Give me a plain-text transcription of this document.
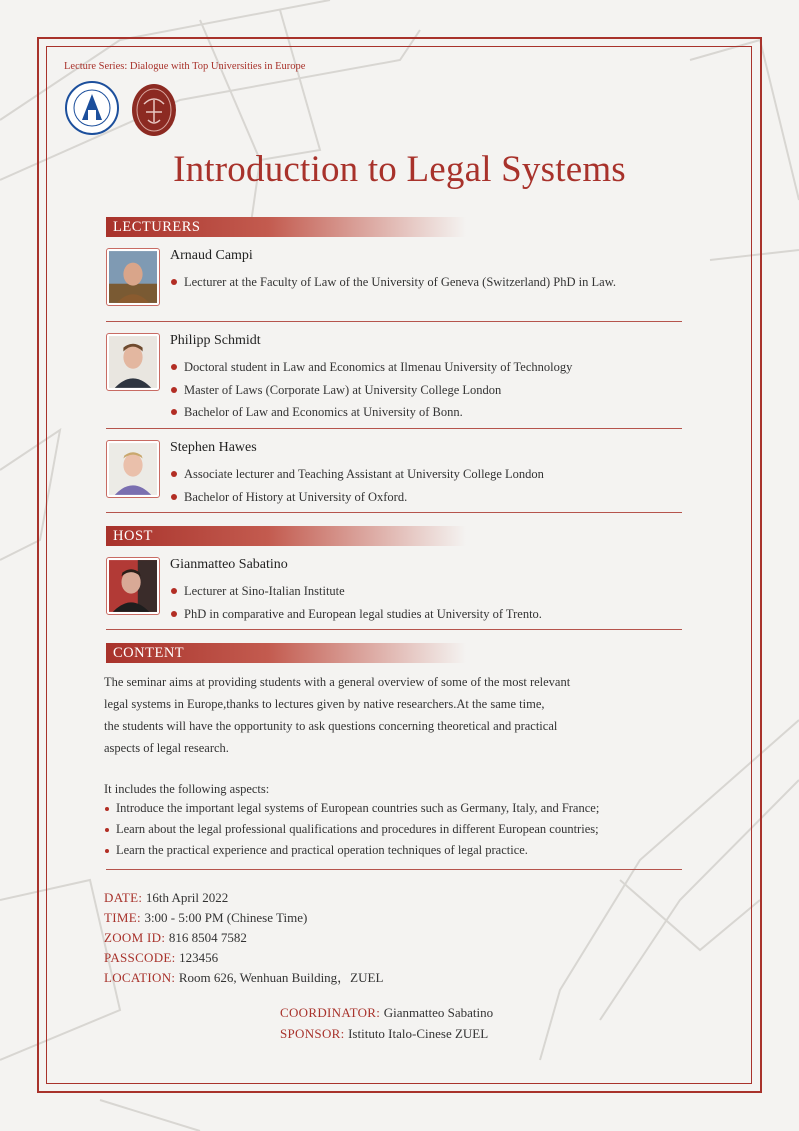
Lecture Series: Dialogue with Top Universities in Europe
Introduction to Legal Systems
LECTURERS
Arnaud Campi
Lecturer at the Faculty of Law of the University of Geneva (Switzerland) PhD in Law.
Philipp Schmidt
Doctoral student in Law and Economics at Ilmenau University of Technology
Master of Laws (Corporate Law) at University College London
Bachelor of Law and Economics at University of Bonn.
Stephen Hawes
Associate lecturer and Teaching Assistant at University College London
Bachelor of History at University of Oxford.
HOST
Gianmatteo Sabatino
Lecturer at Sino-Italian Institute
PhD in comparative and European legal studies at University of Trento.
CONTENT
The seminar aims at providing students with a general overview of some of the most relevant
legal systems in Europe,thanks to lectures given by native researchers.At the same time,
the students will have the opportunity to ask questions concerning theoretical and practical
aspects of legal research.
It includes the following aspects:
Introduce the important legal systems of European countries such as Germany, Italy, and France;
Learn about the legal professional qualifications and procedures in different European countries;
Learn the practical experience and practical operation techniques of legal practice.
DATE: 16th April 2022
TIME: 3:00 - 5:00 PM (Chinese Time)
ZOOM ID: 816 8504 7582
PASSCODE: 123456
LOCATION: Room 626, Wenhuan Building，ZUEL
COORDINATOR: Gianmatteo Sabatino
SPONSOR: Istituto Italo-Cinese ZUEL
